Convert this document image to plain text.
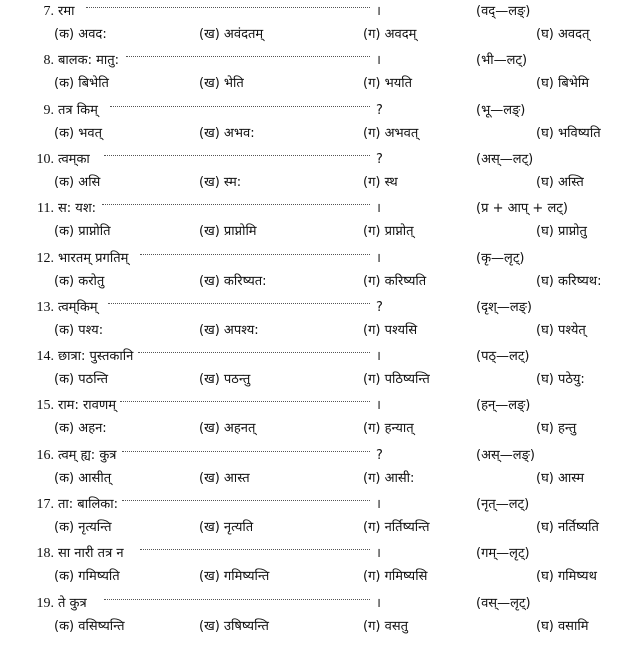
7. रमा	।	(वद्—लङ्)
(क) अवद:	(ख) अवंदतम्	(ग) अवदम्	(घ) अवदत्
8. बालक: मातु:	।	(भी—लट्)
(क) बिभेति	(ख) भेति	(ग) भयति	(घ) बिभेमि
9. तत्र किम्	?	(भू—लङ्)
(क) भवत्	(ख) अभव:	(ग) अभवत्	(घ) भविष्यति
10. त्वम्‌का	?	(अस्—लट्)
(क) असि	(ख) स्म:	(ग) स्थ	(घ) अस्ति
11. स: यश:	।	(प्र + आप् + लट्)
(क) प्राप्नोति	(ख) प्राप्नोमि	(ग) प्राप्नोत्	(घ) प्राप्नोतु
12. भारतम् प्रगतिम्	।	(कृ—लृट्)
(क) करोतु	(ख) करिष्यत:	(ग) करिष्यति	(घ) करिष्यथ:
13. त्वम्‌किम्	?	(दृश्—लङ्)
(क) पश्य:	(ख) अपश्य:	(ग) पश्यसि	(घ) पश्येत्
14. छात्रा: पुस्तकानि	।	(पठ्—लट्)
(क) पठन्ति	(ख) पठन्तु	(ग) पठिष्यन्ति	(घ) पठेयु:
15. राम: रावणम्	।	(हन्—लङ्)
(क) अहन:	(ख) अहनत्	(ग) हन्यात्	(घ) हन्तु
16. त्वम् ह्य: कुत्र	?	(अस्—लङ्)
(क) आसीत्	(ख) आस्त	(ग) आसी:	(घ) आस्म
17. ता: बालिका:	।	(नृत्—लट्)
(क) नृत्यन्ति	(ख) नृत्यति	(ग) नर्तिष्यन्ति	(घ) नर्तिष्यति
18. सा नारी तत्र न	।	(गम्—लृट्)
(क) गमिष्यति	(ख) गमिष्यन्ति	(ग) गमिष्यसि	(घ) गमिष्यथ
19. ते कुत्र	।	(वस्—लृट्)
(क) वसिष्यन्ति	(ख) उषिष्यन्ति	(ग) वसतु	(घ) वसामि
